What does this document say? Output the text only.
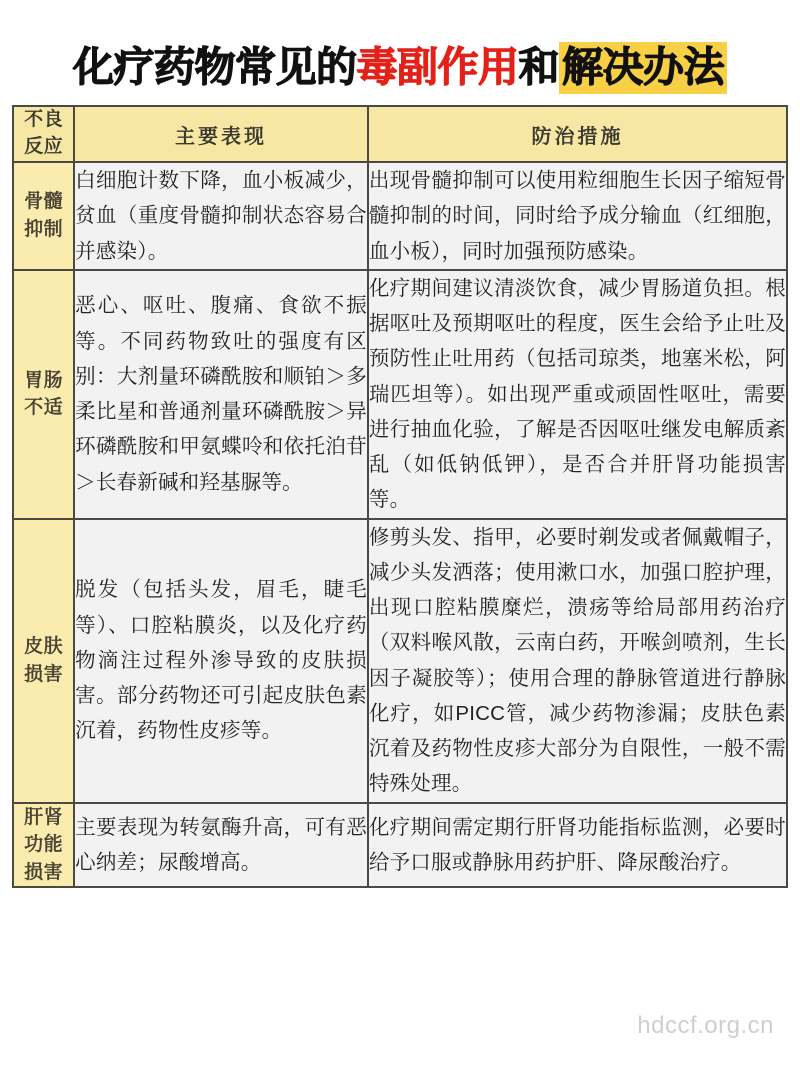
化疗药物常见的毒副作用和解决办法
不良
反应	主要表现	防治措施

骨髓
抑制	白细胞计数下降，血小板减少，贫血（重度骨髓抑制状态容易合并感染）。	出现骨髓抑制可以使用粒细胞生长因子缩短骨髓抑制的时间，同时给予成分输血（红细胞，血小板），同时加强预防感染。

胃肠
不适	恶心、呕吐、腹痛、食欲不振等。不同药物致吐的强度有区别：大剂量环磷酰胺和顺铂＞多柔比星和普通剂量环磷酰胺＞异环磷酰胺和甲氨蝶呤和依托泊苷＞长春新碱和羟基脲等。	化疗期间建议清淡饮食，减少胃肠道负担。根据呕吐及预期呕吐的程度，医生会给予止吐及预防性止吐用药（包括司琼类，地塞米松，阿瑞匹坦等）。如出现严重或顽固性呕吐，需要进行抽血化验，了解是否因呕吐继发电解质紊乱（如低钠低钾），是否合并肝肾功能损害等。

皮肤
损害	脱发（包括头发，眉毛，睫毛等）、口腔粘膜炎，以及化疗药物滴注过程外渗导致的皮肤损害。部分药物还可引起皮肤色素沉着，药物性皮疹等。	修剪头发、指甲，必要时剃发或者佩戴帽子，减少头发洒落；使用漱口水，加强口腔护理，出现口腔粘膜糜烂，溃疡等给局部用药治疗（双料喉风散，云南白药，开喉剑喷剂，生长因子凝胶等）；使用合理的静脉管道进行静脉化疗，如PICC管，减少药物渗漏；皮肤色素沉着及药物性皮疹大部分为自限性，一般不需特殊处理。

肝肾
功能
损害	主要表现为转氨酶升高，可有恶心纳差；尿酸增高。	化疗期间需定期行肝肾功能指标监测，必要时给予口服或静脉用药护肝、降尿酸治疗。
hdccf.org.cn
